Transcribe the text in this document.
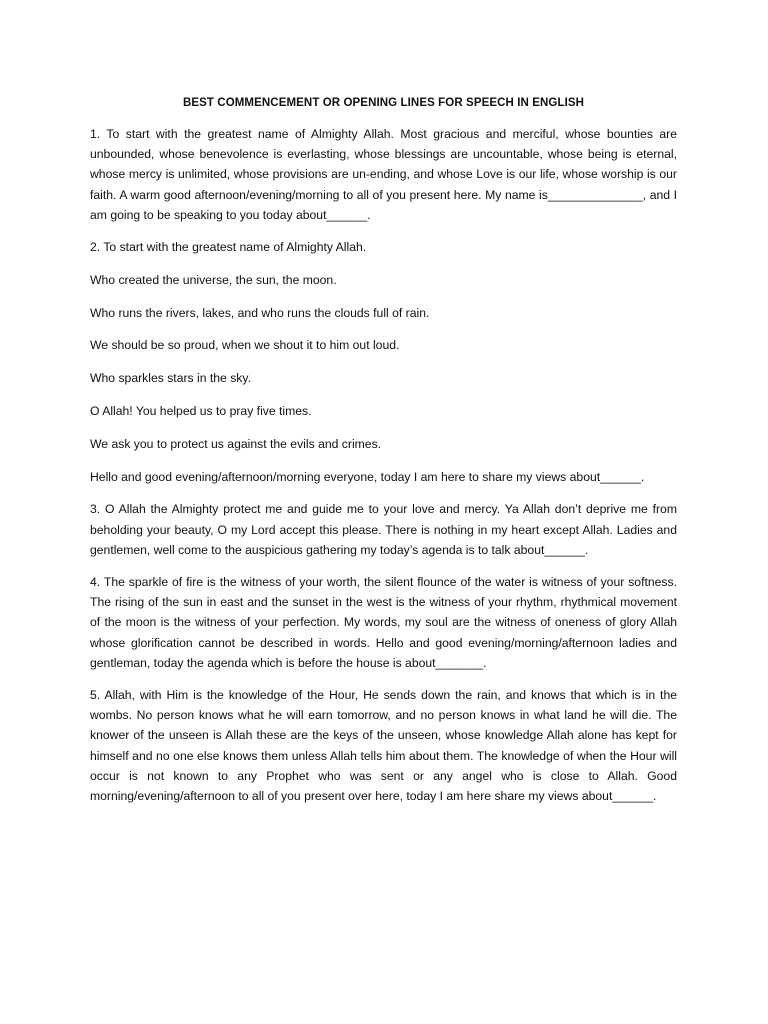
BEST COMMENCEMENT OR OPENING LINES FOR SPEECH IN ENGLISH

1. To start with the greatest name of Almighty Allah. Most gracious and merciful, whose bounties are unbounded, whose benevolence is everlasting, whose blessings are uncountable, whose being is eternal, whose mercy is unlimited, whose provisions are un-ending, and whose Love is our life, whose worship is our faith. A warm good afternoon/evening/morning to all of you present here. My name is______________, and I am going to be speaking to you today about______.

2. To start with the greatest name of Almighty Allah.

Who created the universe, the sun, the moon.

Who runs the rivers, lakes, and who runs the clouds full of rain.

We should be so proud, when we shout it to him out loud.

Who sparkles stars in the sky.

O Allah! You helped us to pray five times.

We ask you to protect us against the evils and crimes.

Hello and good evening/afternoon/morning everyone, today I am here to share my views about______.

3. O Allah the Almighty protect me and guide me to your love and mercy. Ya Allah don’t deprive me from beholding your beauty, O my Lord accept this please. There is nothing in my heart except Allah. Ladies and gentlemen, well come to the auspicious gathering my today’s agenda is to talk about______.

4. The sparkle of fire is the witness of your worth, the silent flounce of the water is witness of your softness. The rising of the sun in east and the sunset in the west is the witness of your rhythm, rhythmical movement of the moon is the witness of your perfection. My words, my soul are the witness of oneness of glory Allah whose glorification cannot be described in words. Hello and good evening/morning/afternoon ladies and gentleman, today the agenda which is before the house is about_______.

5. Allah, with Him is the knowledge of the Hour, He sends down the rain, and knows that which is in the wombs. No person knows what he will earn tomorrow, and no person knows in what land he will die. The knower of the unseen is Allah these are the keys of the unseen, whose knowledge Allah alone has kept for himself and no one else knows them unless Allah tells him about them. The knowledge of when the Hour will occur is not known to any Prophet who was sent or any angel who is close to Allah. Good morning/evening/afternoon to all of you present over here, today I am here share my views about______.
